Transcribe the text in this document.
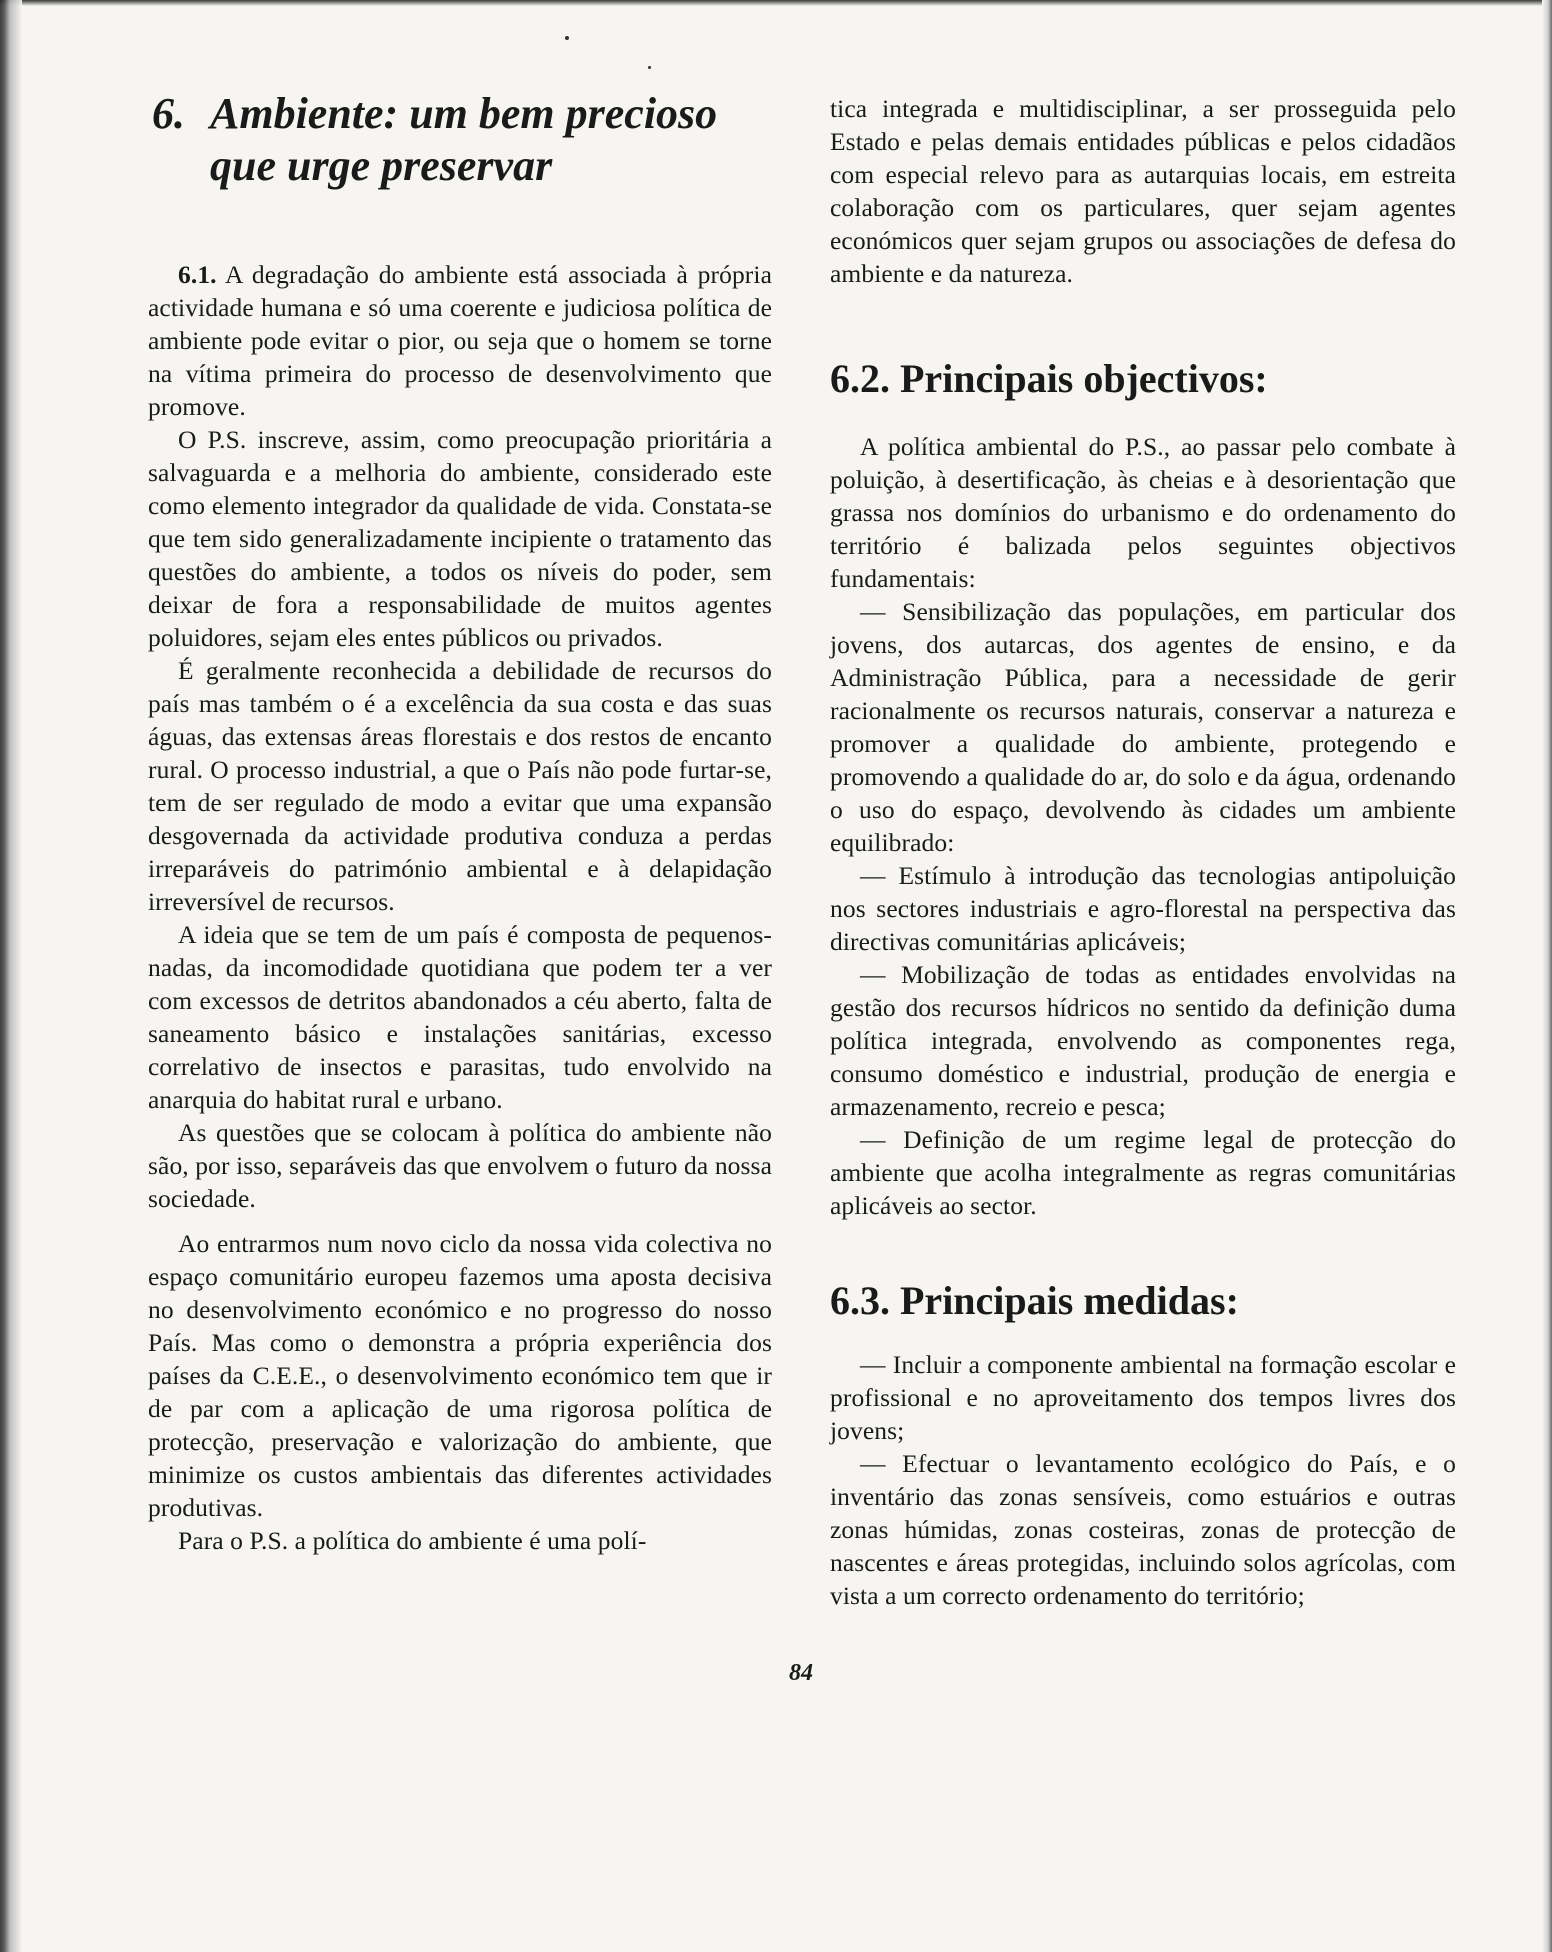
6. Ambiente: um bem precioso
que urge preservar

6.1. A degradação do ambiente está associada à própria actividade humana e só uma coerente e judiciosa política de ambiente pode evitar o pior, ou seja que o homem se torne na vítima primeira do processo de desenvolvimento que promove.

O P.S. inscreve, assim, como preocupação prioritária a salvaguarda e a melhoria do ambiente, considerado este como elemento integrador da qualidade de vida. Constata-se que tem sido generalizadamente incipiente o tratamento das questões do ambiente, a todos os níveis do poder, sem deixar de fora a responsabilidade de muitos agentes poluidores, sejam eles entes públicos ou privados.

É geralmente reconhecida a debilidade de recursos do país mas também o é a excelência da sua costa e das suas águas, das extensas áreas florestais e dos restos de encanto rural. O processo industrial, a que o País não pode furtar-se, tem de ser regulado de modo a evitar que uma expansão desgovernada da actividade produtiva conduza a perdas irreparáveis do património ambiental e à delapidação irreversível de recursos.

A ideia que se tem de um país é composta de pequenos-nadas, da incomodidade quotidiana que podem ter a ver com excessos de detritos abandonados a céu aberto, falta de saneamento básico e instalações sanitárias, excesso correlativo de insectos e parasitas, tudo envolvido na anarquia do habitat rural e urbano.

As questões que se colocam à política do ambiente não são, por isso, separáveis das que envolvem o futuro da nossa sociedade.

Ao entrarmos num novo ciclo da nossa vida colectiva no espaço comunitário europeu fazemos uma aposta decisiva no desenvolvimento económico e no progresso do nosso País. Mas como o demonstra a própria experiência dos países da C.E.E., o desenvolvimento económico tem que ir de par com a aplicação de uma rigorosa política de protecção, preservação e valorização do ambiente, que minimize os custos ambientais das diferentes actividades produtivas.

Para o P.S. a política do ambiente é uma polí-

tica integrada e multidisciplinar, a ser prosseguida pelo Estado e pelas demais entidades públicas e pelos cidadãos com especial relevo para as autarquias locais, em estreita colaboração com os particulares, quer sejam agentes económicos quer sejam grupos ou associações de defesa do ambiente e da natureza.

6.2. Principais objectivos:

A política ambiental do P.S., ao passar pelo combate à poluição, à desertificação, às cheias e à desorientação que grassa nos domínios do urbanismo e do ordenamento do território é balizada pelos seguintes objectivos fundamentais:

— Sensibilização das populações, em particular dos jovens, dos autarcas, dos agentes de ensino, e da Administração Pública, para a necessidade de gerir racionalmente os recursos naturais, conservar a natureza e promover a qualidade do ambiente, protegendo e promovendo a qualidade do ar, do solo e da água, ordenando o uso do espaço, devolvendo às cidades um ambiente equilibrado:

— Estímulo à introdução das tecnologias antipoluição nos sectores industriais e agro-florestal na perspectiva das directivas comunitárias aplicáveis;

— Mobilização de todas as entidades envolvidas na gestão dos recursos hídricos no sentido da definição duma política integrada, envolvendo as componentes rega, consumo doméstico e industrial, produção de energia e armazenamento, recreio e pesca;

— Definição de um regime legal de protecção do ambiente que acolha integralmente as regras comunitárias aplicáveis ao sector.

6.3. Principais medidas:

— Incluir a componente ambiental na formação escolar e profissional e no aproveitamento dos tempos livres dos jovens;

— Efectuar o levantamento ecológico do País, e o inventário das zonas sensíveis, como estuários e outras zonas húmidas, zonas costeiras, zonas de protecção de nascentes e áreas protegidas, incluindo solos agrícolas, com vista a um correcto ordenamento do território;

84
